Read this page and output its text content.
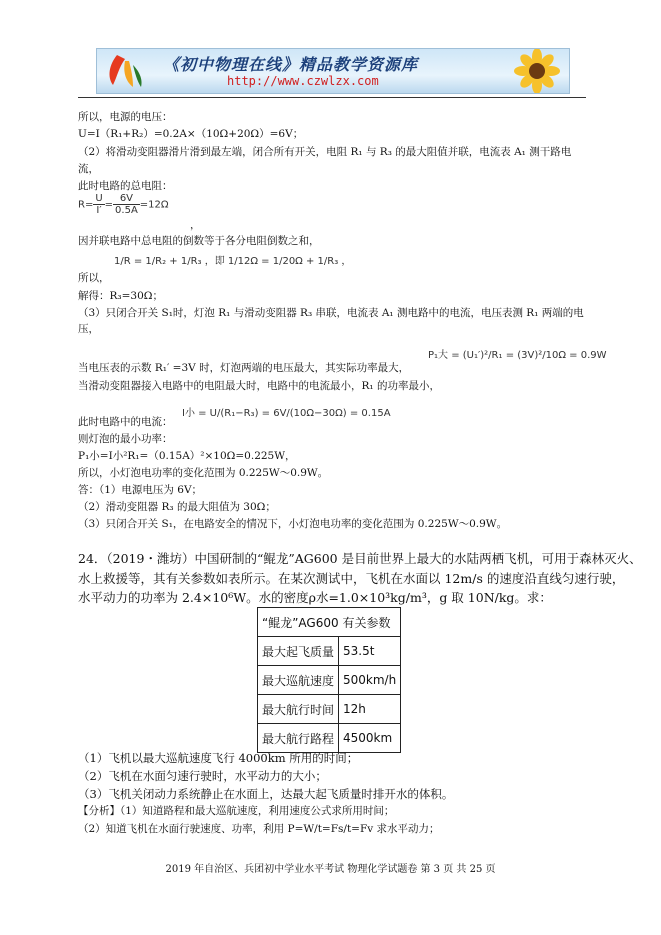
《初中物理在线》精品教学资源库
http://www.czwlzx.com
所以，电源的电压：
U=I（R₁+R₂）=0.2A×（10Ω+20Ω）=6V；
（2）将滑动变阻器滑片滑到最左端，闭合所有开关，电阻 R₁ 与 R₃ 的最大阻值并联，电流表 A₁ 测干路电
流，
此时电路的总电阻：
$R= \frac{U}{I'} = \frac{6V}{0.5A} =12\Omega$
，
因并联电路中总电阻的倒数等于各分电阻倒数之和，
1/R = 1/R₂ + 1/R₃ ，即 1/12Ω = 1/20Ω + 1/R₃ ，
所以，
解得：R₃=30Ω；
（3）只闭合开关 S₁时，灯泡 R₁ 与滑动变阻器 R₃ 串联，电流表 A₁ 测电路中的电流，电压表测 R₁ 两端的电
压，
P₁大 = (U₁′)²/R₁ = (3V)²/10Ω = 0.9W
当电压表的示数 R₁′ =3V 时，灯泡两端的电压最大，其实际功率最大，
当滑动变阻器接入电路中的电阻最大时，电路中的电流最小，R₁ 的功率最小，
I小 = U/(R₁−R₃) = 6V/(10Ω−30Ω) = 0.15A
此时电路中的电流：
则灯泡的最小功率：
P₁小=I小²R₁=（0.15A）²×10Ω=0.225W，
所以，小灯泡电功率的变化范围为 0.225W～0.9W。
答：（1）电源电压为 6V；
（2）滑动变阻器 R₃ 的最大阻值为 30Ω；
（3）只闭合开关 S₁，在电路安全的情况下，小灯泡电功率的变化范围为 0.225W～0.9W。
24．（2019・潍坊）中国研制的“鲲龙”AG600 是目前世界上最大的水陆两栖飞机，可用于森林灭火、
水上救援等，其有关参数如表所示。在某次测试中，飞机在水面以 12m/s 的速度沿直线匀速行驶，
水平动力的功率为 2.4×10⁶W。水的密度ρ水=1.0×10³kg/m³，g 取 10N/kg。求：
“鲲龙”AG600 有关参数	
最大起飞质量	53.5t
最大巡航速度	500km/h
最大航行时间	12h
最大航行路程	4500km
（1）飞机以最大巡航速度飞行 4000km 所用的时间；
（2）飞机在水面匀速行驶时，水平动力的大小；
（3）飞机关闭动力系统静止在水面上，达最大起飞质量时排开水的体积。
【分析】（1）知道路程和最大巡航速度，利用速度公式求所用时间；
（2）知道飞机在水面行驶速度、功率，利用 P=W/t=Fs/t=Fv 求水平动力；
2019 年自治区、兵团初中学业水平考试 物理化学试题卷 第 3 页 共 25 页
